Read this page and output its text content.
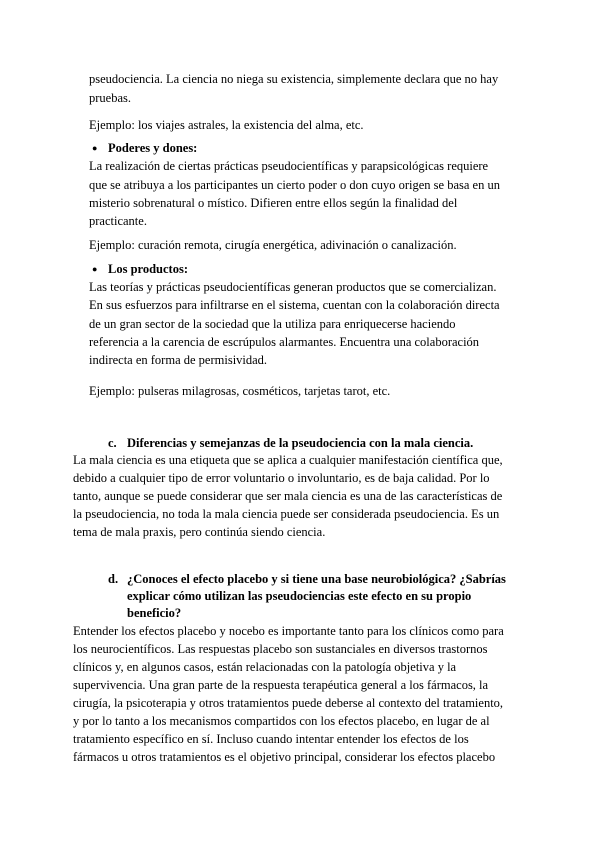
pseudociencia. La ciencia no niega su existencia, simplemente declara que no hay
pruebas.
Ejemplo: los viajes astrales, la existencia del alma, etc.
● Poderes y dones:
La realización de ciertas prácticas pseudocientíficas y parapsicológicas requiere
que se atribuya a los participantes un cierto poder o don cuyo origen se basa en un
misterio sobrenatural o místico. Difieren entre ellos según la finalidad del
practicante.
Ejemplo: curación remota, cirugía energética, adivinación o canalización.
● Los productos:
Las teorías y prácticas pseudocientíficas generan productos que se comercializan.
En sus esfuerzos para infiltrarse en el sistema, cuentan con la colaboración directa
de un gran sector de la sociedad que la utiliza para enriquecerse haciendo
referencia a la carencia de escrúpulos alarmantes. Encuentra una colaboración
indirecta en forma de permisividad.
Ejemplo: pulseras milagrosas, cosméticos, tarjetas tarot, etc.
c. Diferencias y semejanzas de la pseudociencia con la mala ciencia.
La mala ciencia es una etiqueta que se aplica a cualquier manifestación científica que,
debido a cualquier tipo de error voluntario o involuntario, es de baja calidad. Por lo
tanto, aunque se puede considerar que ser mala ciencia es una de las características de
la pseudociencia, no toda la mala ciencia puede ser considerada pseudociencia. Es un
tema de mala praxis, pero continúa siendo ciencia.
d. ¿Conoces el efecto placebo y si tiene una base neurobiológica? ¿Sabrías
explicar cómo utilizan las pseudociencias este efecto en su propio
beneficio?
Entender los efectos placebo y nocebo es importante tanto para los clínicos como para
los neurocientíficos. Las respuestas placebo son sustanciales en diversos trastornos
clínicos y, en algunos casos, están relacionadas con la patología objetiva y la
supervivencia. Una gran parte de la respuesta terapéutica general a los fármacos, la
cirugía, la psicoterapia y otros tratamientos puede deberse al contexto del tratamiento,
y por lo tanto a los mecanismos compartidos con los efectos placebo, en lugar de al
tratamiento específico en sí. Incluso cuando intentar entender los efectos de los
fármacos u otros tratamientos es el objetivo principal, considerar los efectos placebo
